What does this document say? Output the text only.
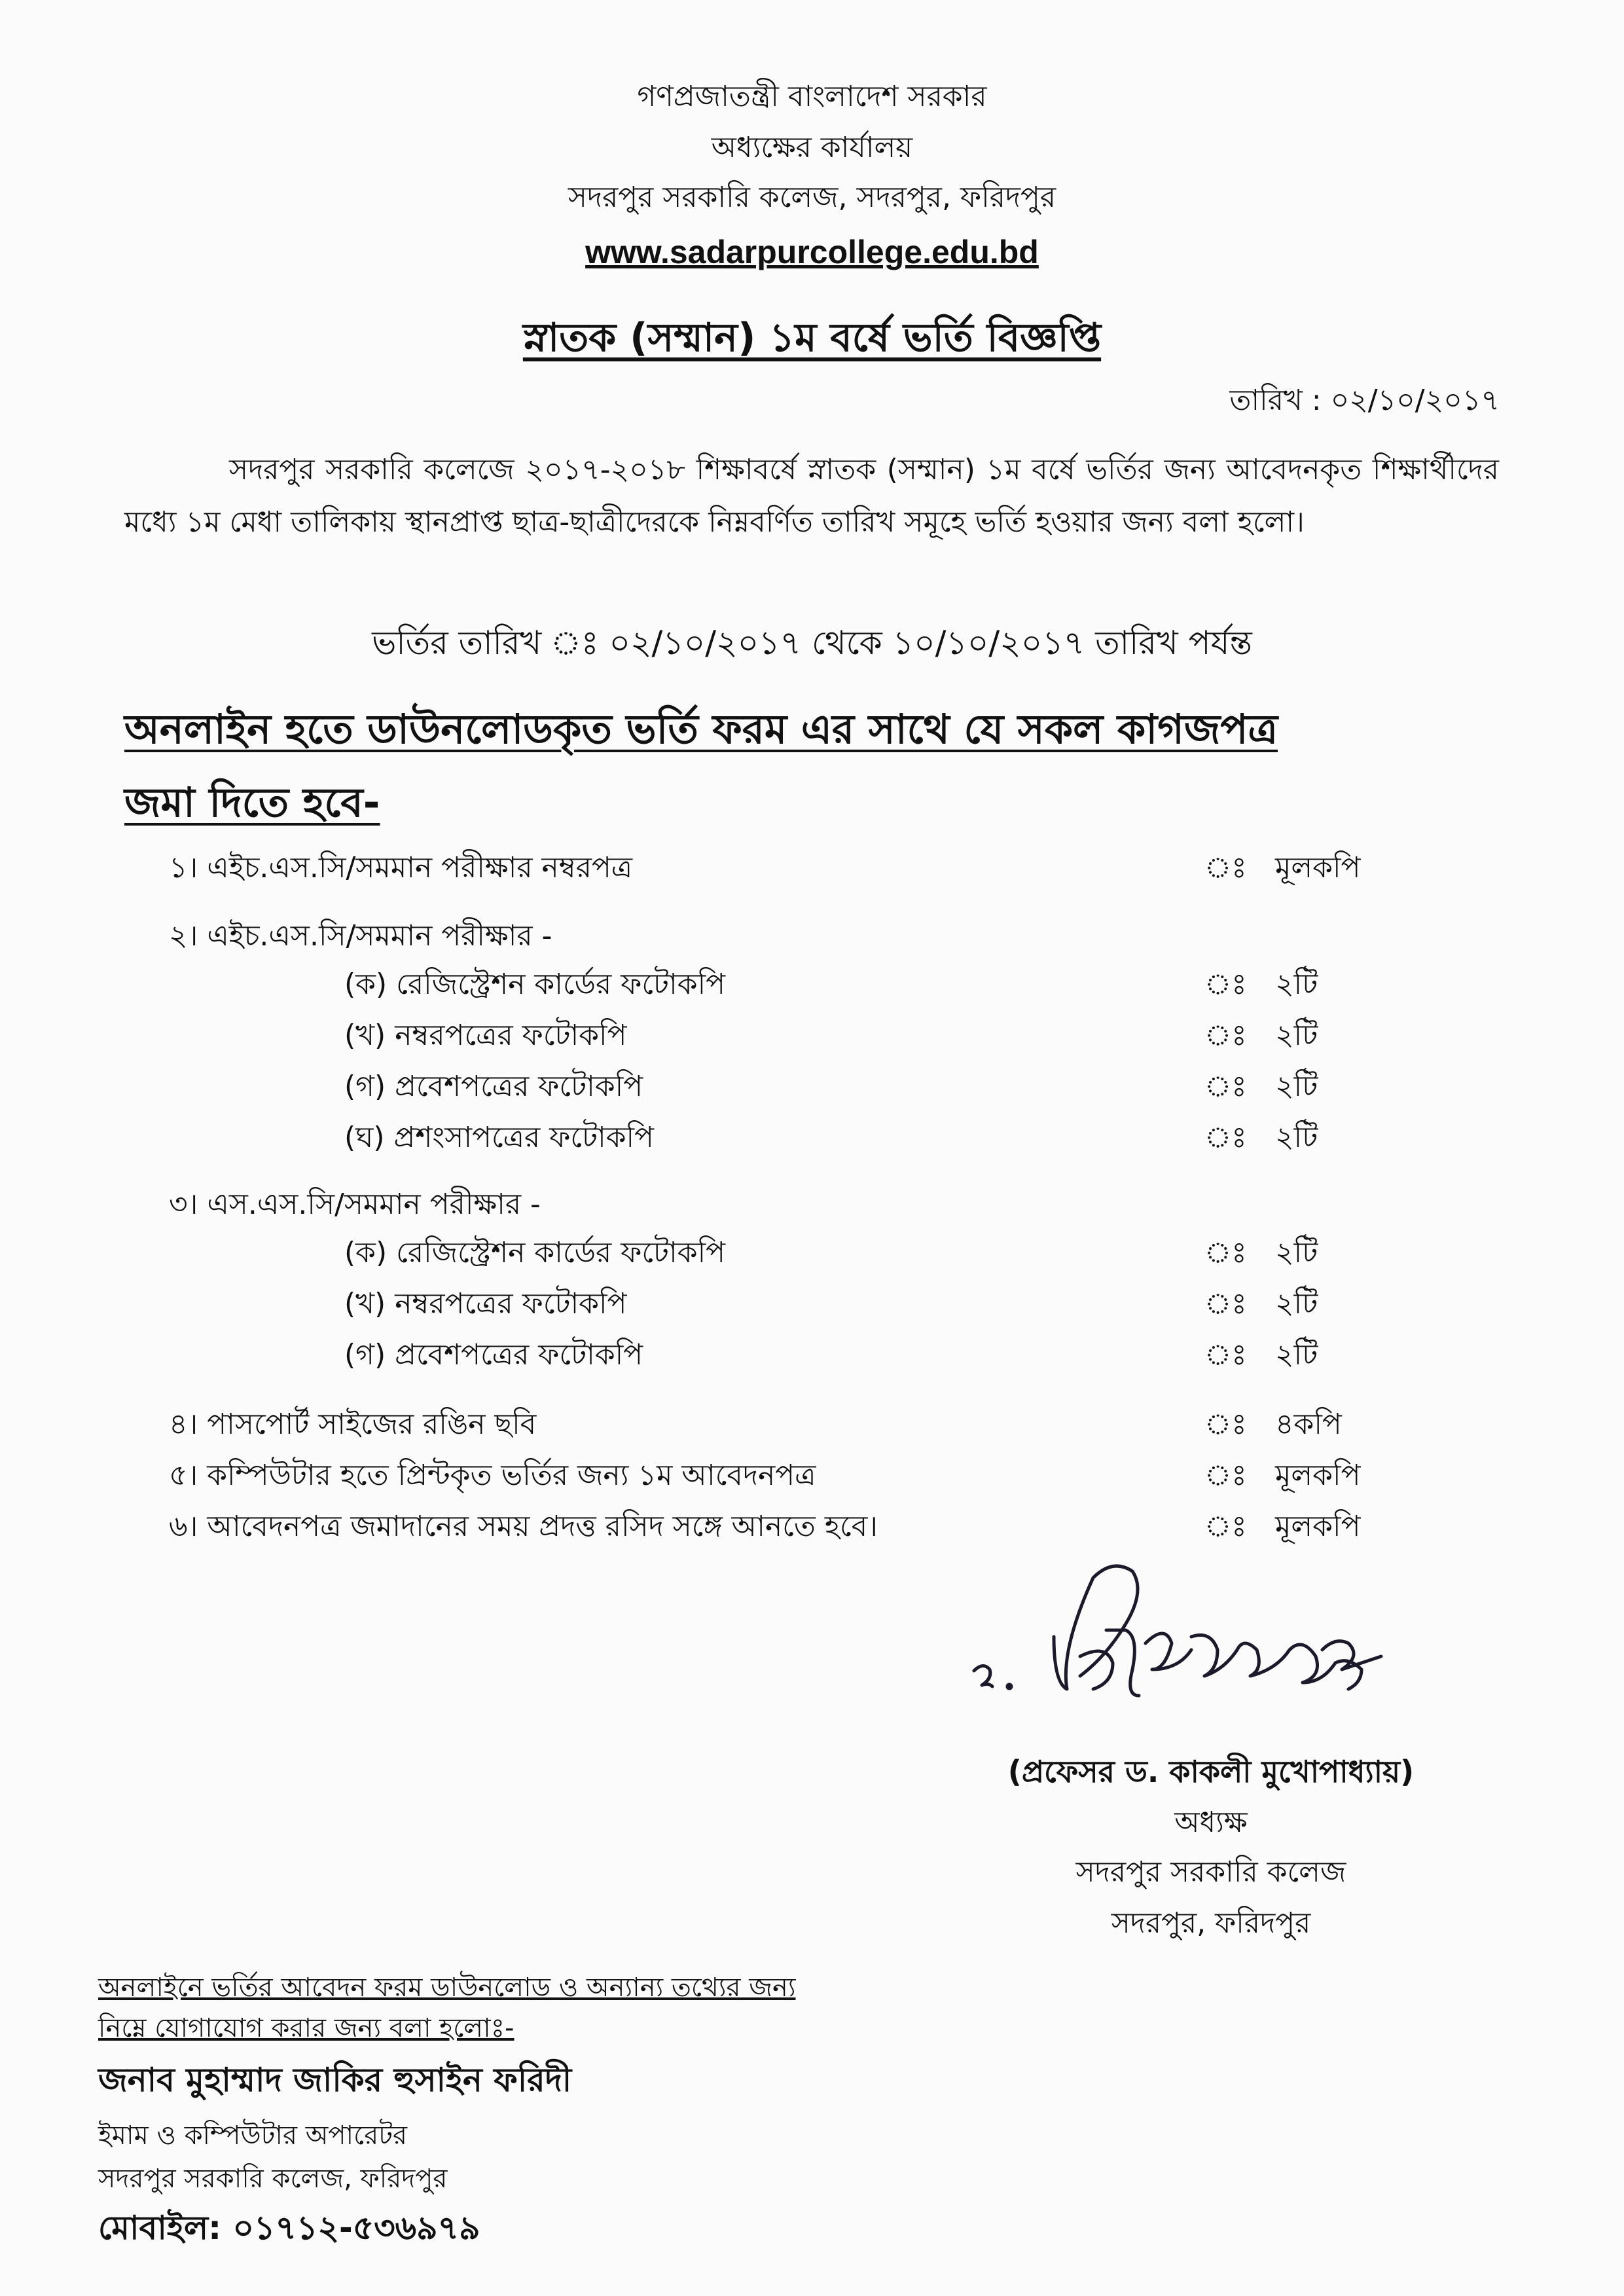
গণপ্রজাতন্ত্রী বাংলাদেশ সরকার
অধ্যক্ষের কার্যালয়
সদরপুর সরকারি কলেজ, সদরপুর, ফরিদপুর
www.sadarpurcollege.edu.bd
স্নাতক (সম্মান) ১ম বর্ষে ভর্তি বিজ্ঞপ্তি
তারিখ : ০২/১০/২০১৭

সদরপুর সরকারি কলেজে ২০১৭-২০১৮ শিক্ষাবর্ষে স্নাতক (সম্মান) ১ম বর্ষে ভর্তির জন্য আবেদনকৃত শিক্ষার্থীদের মধ্যে ১ম মেধা তালিকায় স্থানপ্রাপ্ত ছাত্র-ছাত্রীদেরকে নিম্নবর্ণিত তারিখ সমূহে ভর্তি হওয়ার জন্য বলা হলো।

ভর্তির তারিখ ঃ ০২/১০/২০১৭ থেকে ১০/১০/২০১৭ তারিখ পর্যন্ত
অনলাইন হতে ডাউনলোডকৃত ভর্তি ফরম এর সাথে যে সকল কাগজপত্র
জমা দিতে হবে-
১। এইচ.এস.সি/সমমান পরীক্ষার নম্বরপত্র	ঃ মূলকপি
২। এইচ.এস.সি/সমমান পরীক্ষার -
(ক) রেজিস্ট্রেশন কার্ডের ফটোকপি	ঃ ২টি
(খ) নম্বরপত্রের ফটোকপি	ঃ ২টি
(গ) প্রবেশপত্রের ফটোকপি	ঃ ২টি
(ঘ) প্রশংসাপত্রের ফটোকপি	ঃ ২টি
৩। এস.এস.সি/সমমান পরীক্ষার -
(ক) রেজিস্ট্রেশন কার্ডের ফটোকপি	ঃ ২টি
(খ) নম্বরপত্রের ফটোকপি	ঃ ২টি
(গ) প্রবেশপত্রের ফটোকপি	ঃ ২টি
৪। পাসপোর্ট সাইজের রঙিন ছবি	ঃ ৪কপি
৫। কম্পিউটার হতে প্রিন্টকৃত ভর্তির জন্য ১ম আবেদনপত্র	ঃ মূলকপি
৬। আবেদনপত্র জমাদানের সময় প্রদত্ত রসিদ সঙ্গে আনতে হবে।	ঃ মূলকপি
(প্রফেসর ড. কাকলী মুখোপাধ্যায়)
অধ্যক্ষ
সদরপুর সরকারি কলেজ
সদরপুর, ফরিদপুর
অনলাইনে ভর্তির আবেদন ফরম ডাউনলোড ও অন্যান্য তথ্যের জন্য
নিম্নে যোগাযোগ করার জন্য বলা হলোঃ-
জনাব মুহাম্মাদ জাকির হুসাইন ফরিদী
ইমাম ও কম্পিউটার অপারেটর
সদরপুর সরকারি কলেজ, ফরিদপুর
মোবাইল: ০১৭১২-৫৩৬৯৭৯
